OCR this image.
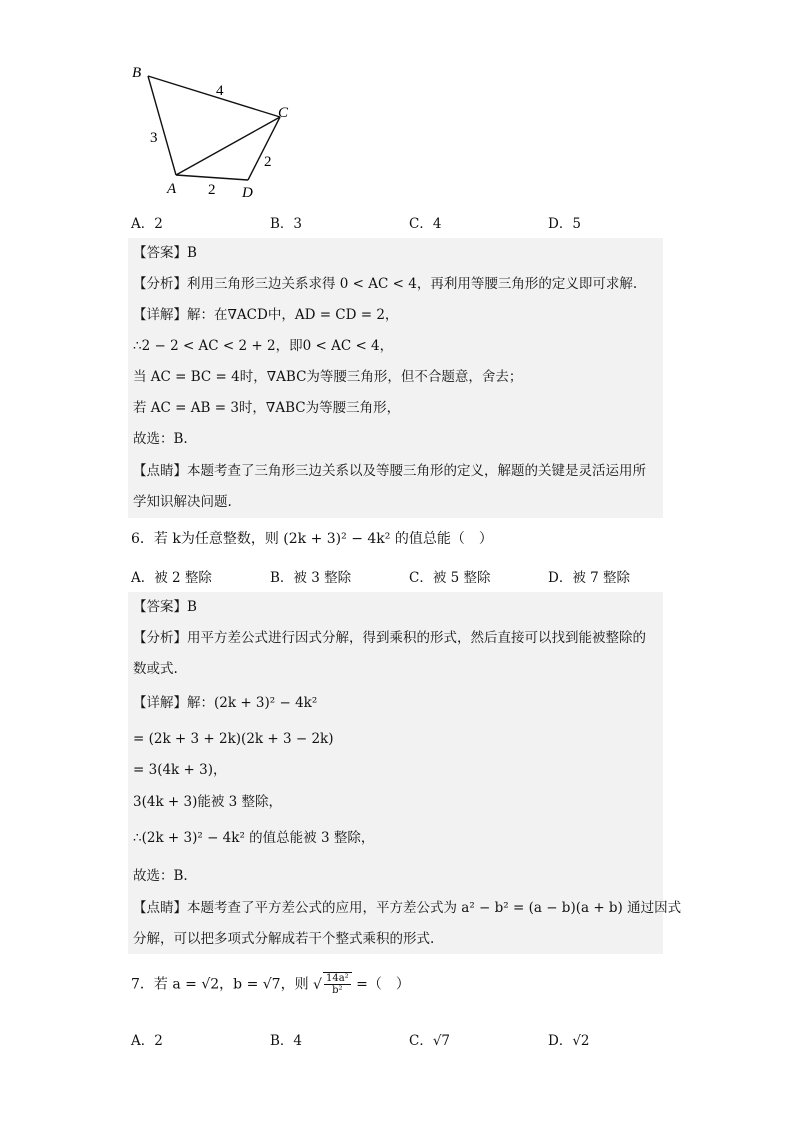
B
C
A	D
4
3
2
2
A．2	B．3	C．4	D．5
【答案】B
【分析】利用三角形三边关系求得 0 < AC < 4，再利用等腰三角形的定义即可求解.
【详解】解：在∇ACD中，AD = CD = 2，
∴2 − 2 < AC < 2 + 2，即0 < AC < 4，
当 AC = BC = 4时，∇ABC为等腰三角形，但不合题意，舍去；
若 AC = AB = 3时，∇ABC为等腰三角形，
故选：B.
【点睛】本题考查了三角形三边关系以及等腰三角形的定义，解题的关键是灵活运用所
学知识解决问题.
6．若 k为任意整数，则 (2k + 3)² − 4k² 的值总能（　）
A．被 2 整除	B．被 3 整除	C．被 5 整除	D．被 7 整除
【答案】B
【分析】用平方差公式进行因式分解，得到乘积的形式，然后直接可以找到能被整除的
数或式.
【详解】解：(2k + 3)² − 4k²
= (2k + 3 + 2k)(2k + 3 − 2k)
= 3(4k + 3)，
3(4k + 3)能被 3 整除，
∴(2k + 3)² − 4k² 的值总能被 3 整除，
故选：B.
【点睛】本题考查了平方差公式的应用，平方差公式为 a² − b² = (a − b)(a + b) 通过因式
分解，可以把多项式分解成若干个整式乘积的形式.
7．若 a = √2，b = √7，则 √ $\frac{\text{14a²}}{\text{b²}}$ =（　）
A．2	B．4	C．√7	D．√2
